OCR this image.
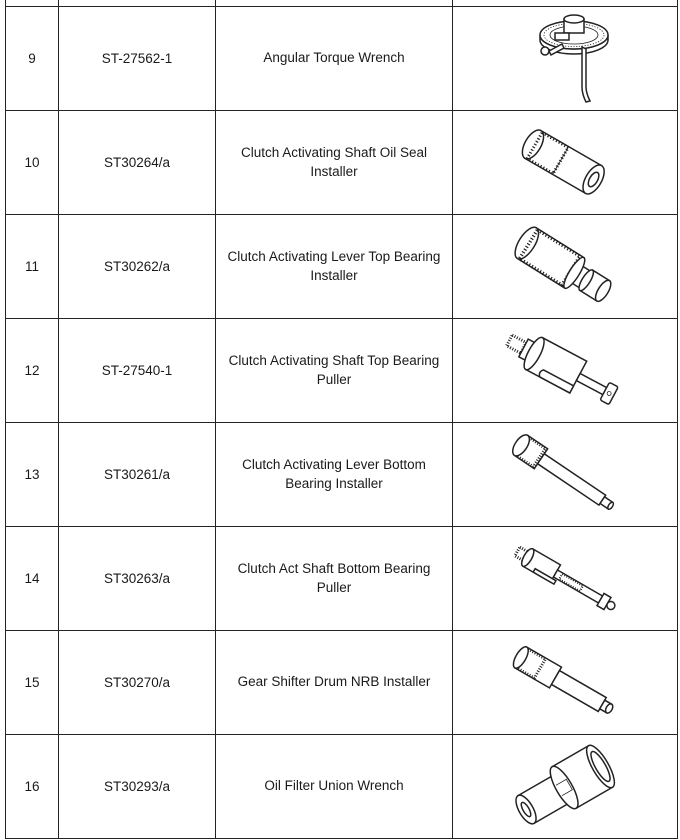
9	ST-27562-1	Angular Torque Wrench	

10	ST30264/a	Clutch Activating Shaft Oil Seal Installer	

11	ST30262/a	Clutch Activating Lever Top Bearing Installer	

12	ST-27540-1	Clutch Activating Shaft Top Bearing Puller	

13	ST30261/a	Clutch Activating Lever Bottom Bearing Installer	

14	ST30263/a	Clutch Act Shaft Bottom Bearing Puller	

15	ST30270/a	Gear Shifter Drum NRB Installer	

16	ST30293/a	Oil Filter Union Wrench	
